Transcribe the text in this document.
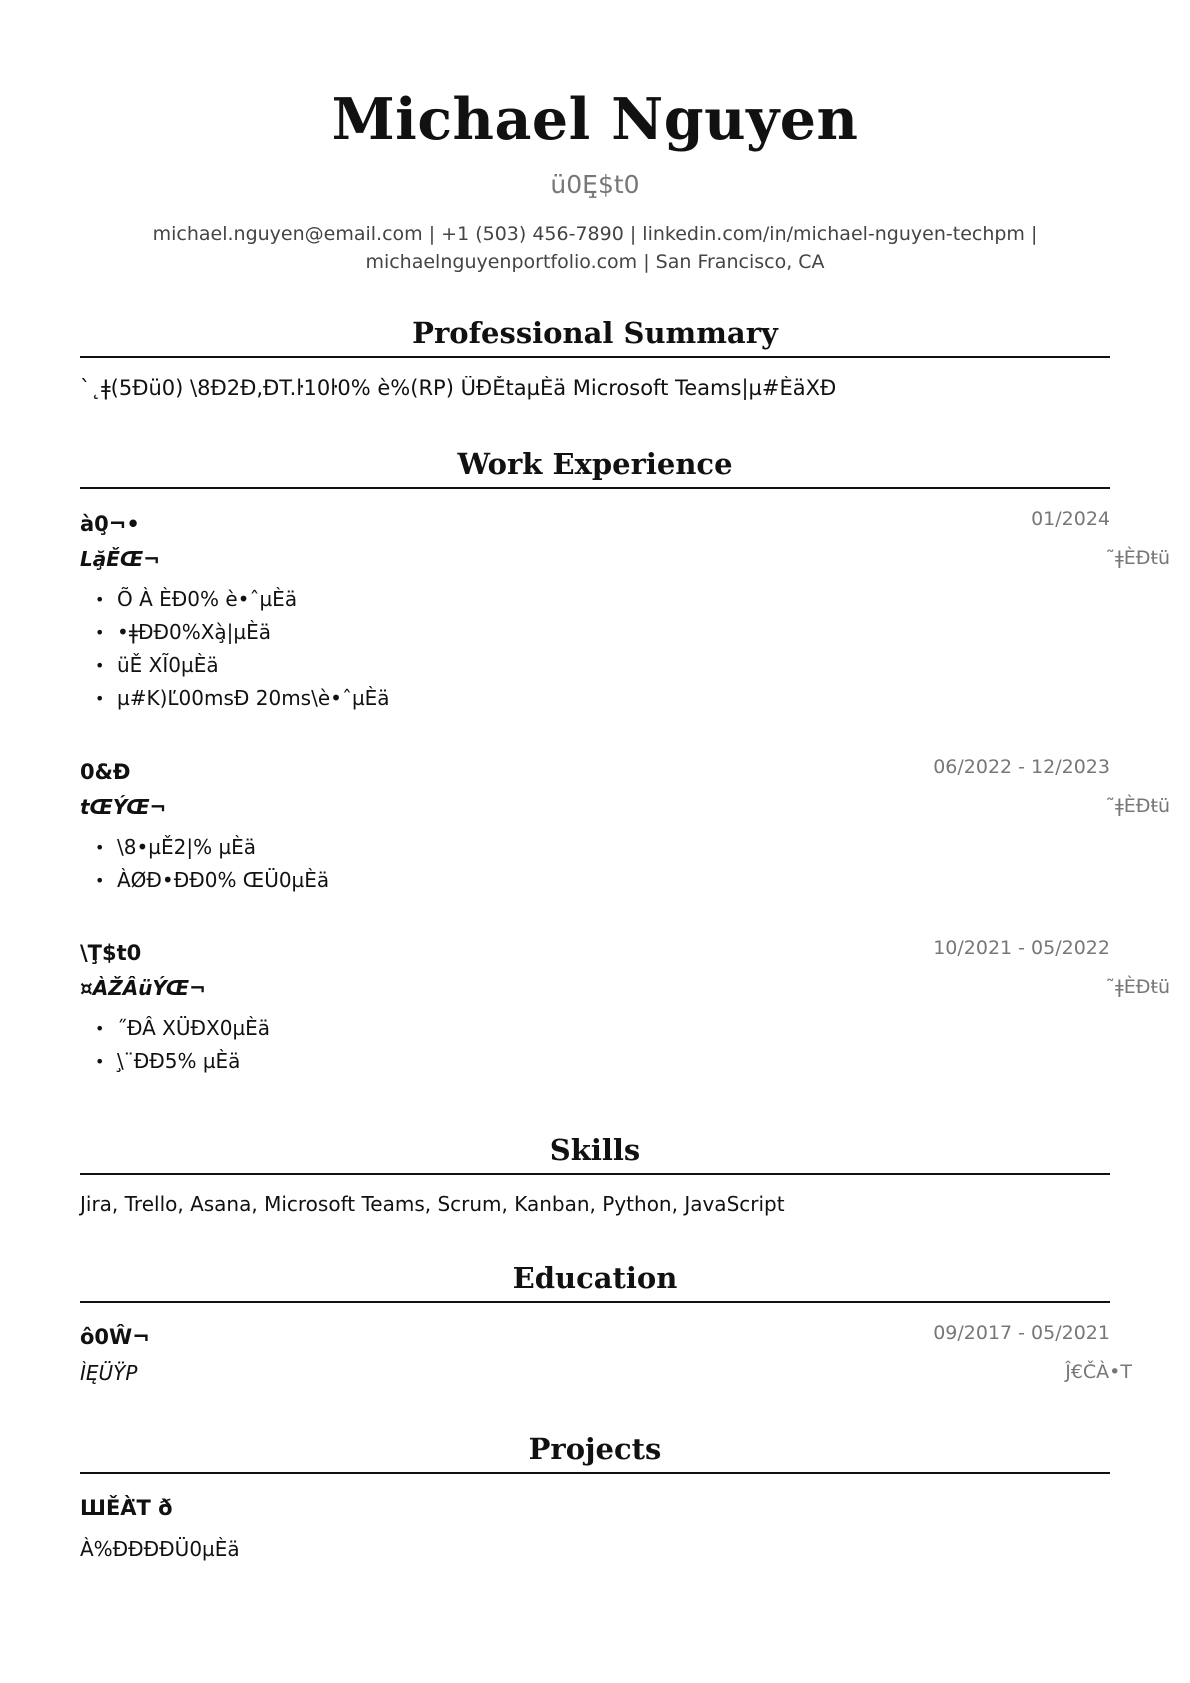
Michael Nguyen
ü0Ę̧$t0
michael.nguyen@email.com | +1 (503) 456-7890 | linkedin.com/in/michael-nguyen-techpm |
michaelnguyenportfolio.com | San Francisco, CA
Professional Summary
`˛ǂ(5Đü0) \8Đ2Đ,ĐT.ŀ10ŀ0% è%(RP) ÜĐĚtaµÈä Microsoft Teams|µ#ÈäXĐ
Work Experience
à0̧¬•	01/2024
Lă̧ĚŒ¬	˜ǂÈĐŧü
• Õ À ÈĐ0% è•ˆµÈä
• •ǂĐĐ0%Xà̧|µÈä
• üĚ XĨ0µÈä
• µ#K)Ľ00msĐ 20ms\è•ˆµÈä
0&Đ	06/2022 - 12/2023
tŒÝŒ¬	˜ǂÈĐŧü
• \8•µĚ2|% µÈä
• ÀØĐ•ĐĐ0% ŒÜ0µÈä
\Ţ$t0	10/2021 - 05/2022
¤ÀŽÂüÝŒ¬	˜ǂÈĐŧü
• ˝ĐÂ XÜĐX0µÈä
• \̧¨ĐĐ5% µÈä
Skills
Jira, Trello, Asana, Microsoft Teams, Scrum, Kanban, Python, JavaScript
Education
ô0Ŵ¬	09/2017 - 05/2021
ÌĘÜŸP	Ĵ€ČÀ•T
Projects
ШĚÀ̈T ð
À%ĐĐĐĐÜ0µÈä
